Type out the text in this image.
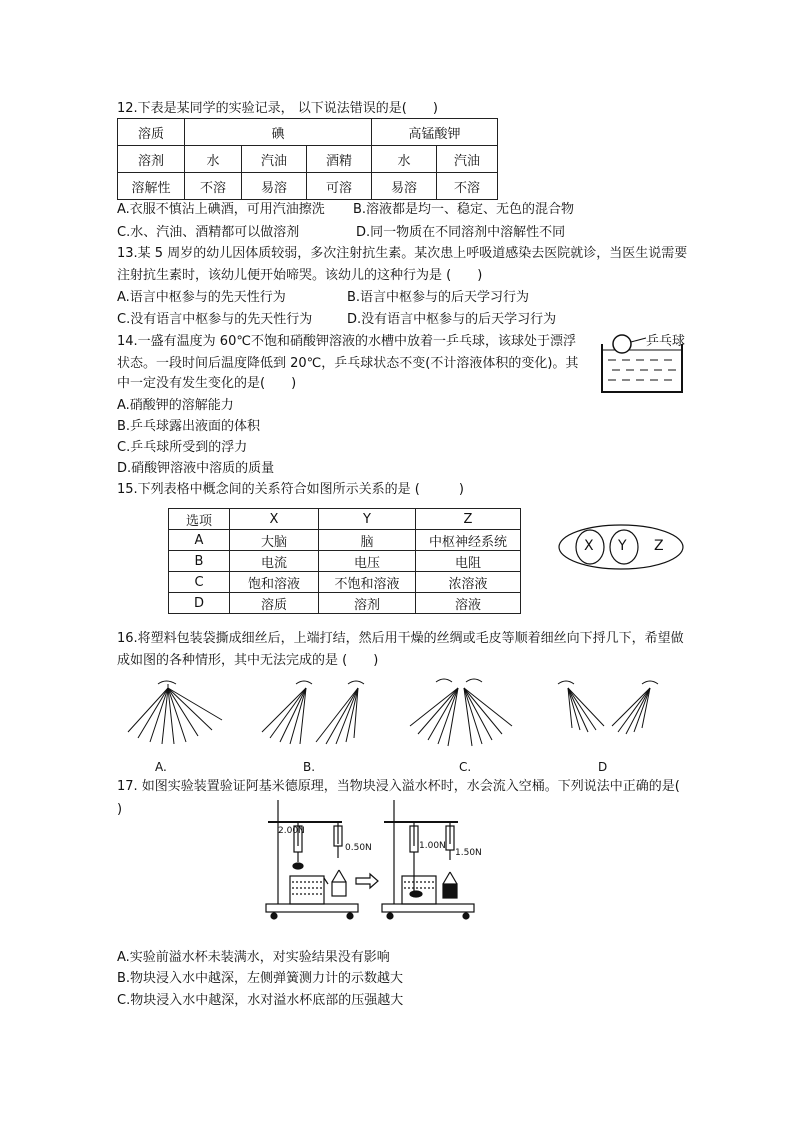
12.下表是某同学的实验记录， 以下说法错误的是(　　)
溶质	碘			高锰酸钾	
溶剂	水	汽油	酒精	水	汽油
溶解性	不溶	易溶	可溶	易溶	不溶
A.衣服不慎沾上碘酒，可用汽油擦洗 B.溶液都是均一、稳定、无色的混合物
C.水、汽油、酒精都可以做溶剂	D.同一物质在不同溶剂中溶解性不同
13.某 5 周岁的幼儿因体质较弱，多次注射抗生素。某次患上呼吸道感染去医院就诊，当医生说需要
注射抗生素时，该幼儿便开始啼哭。该幼儿的这种行为是 (　　)
A.语言中枢参与的先天性行为	B.语言中枢参与的后天学习行为
C.没有语言中枢参与的先天性行为	D.没有语言中枢参与的后天学习行为
14.一盛有温度为 60℃不饱和硝酸钾溶液的水槽中放着一乒乓球，该球处于漂浮
状态。一段时间后温度降低到 20℃，乒乓球状态不变(不计溶液体积的变化)。其
中一定没有发生变化的是(　　)
A.硝酸钾的溶解能力
B.乒乓球露出液面的体积
C.乒乓球所受到的浮力
D.硝酸钾溶液中溶质的质量
乒乓球
15.下列表格中概念间的关系符合如图所示关系的是 (　　　)
选项	X	Y	Z
A	大脑	脑	中枢神经系统
B	电流	电压	电阻
C	饱和溶液	不饱和溶液	浓溶液
D	溶质	溶剂	溶液
X Y Z
16.将塑料包装袋撕成细丝后，上端打结，然后用干燥的丝绸或毛皮等顺着细丝向下捋几下，希望做
成如图的各种情形，其中无法完成的是 (　　)
A.	B.	C.	D
17. 如图实验装置验证阿基米德原理，当物块浸入溢水杯时，水会流入空桶。下列说法中正确的是(
)
2.00N
0.50N	1.00N
1.50N
A.实验前溢水杯未装满水，对实验结果没有影响
B.物块浸入水中越深，左侧弹簧测力计的示数越大
C.物块浸入水中越深，水对溢水杯底部的压强越大
